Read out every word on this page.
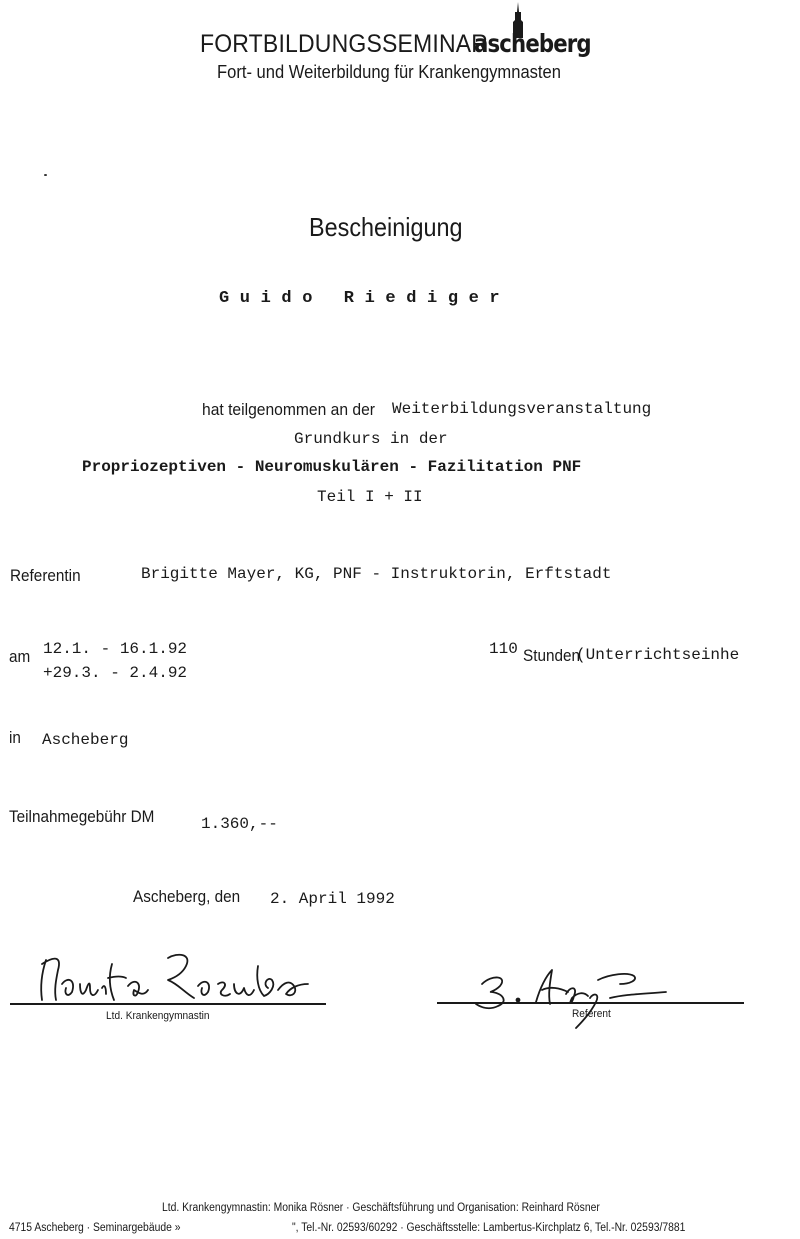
FORTBILDUNGSSEMINAR
ascheberg
Fort- und Weiterbildung für Krankengymnasten
Bescheinigung
Guido Riediger
hat teilgenommen an der Weiterbildungsveranstaltung
Grundkurs in der
Propriozeptiven - Neuromuskulären - Fazilitation PNF
Teil I + II
Referentin	Brigitte Mayer, KG, PNF - Instruktorin, Erftstadt
am 12.1. - 16.1.92
+29.3. - 2.4.92
110 Stunden
(Unterrichtseinhe
in Ascheberg
Teilnahmegebühr DM	1.360,--
Ascheberg, den 2. April 1992
Ltd. Krankengymnastin	Referent
Ltd. Krankengymnastin: Monika Rösner · Geschäftsführung und Organisation: Reinhard Rösner
4715 Ascheberg · Seminargebäude »	", Tel.-Nr. 02593/60292 · Geschäftsstelle: Lambertus-Kirchplatz 6, Tel.-Nr. 02593/7881
